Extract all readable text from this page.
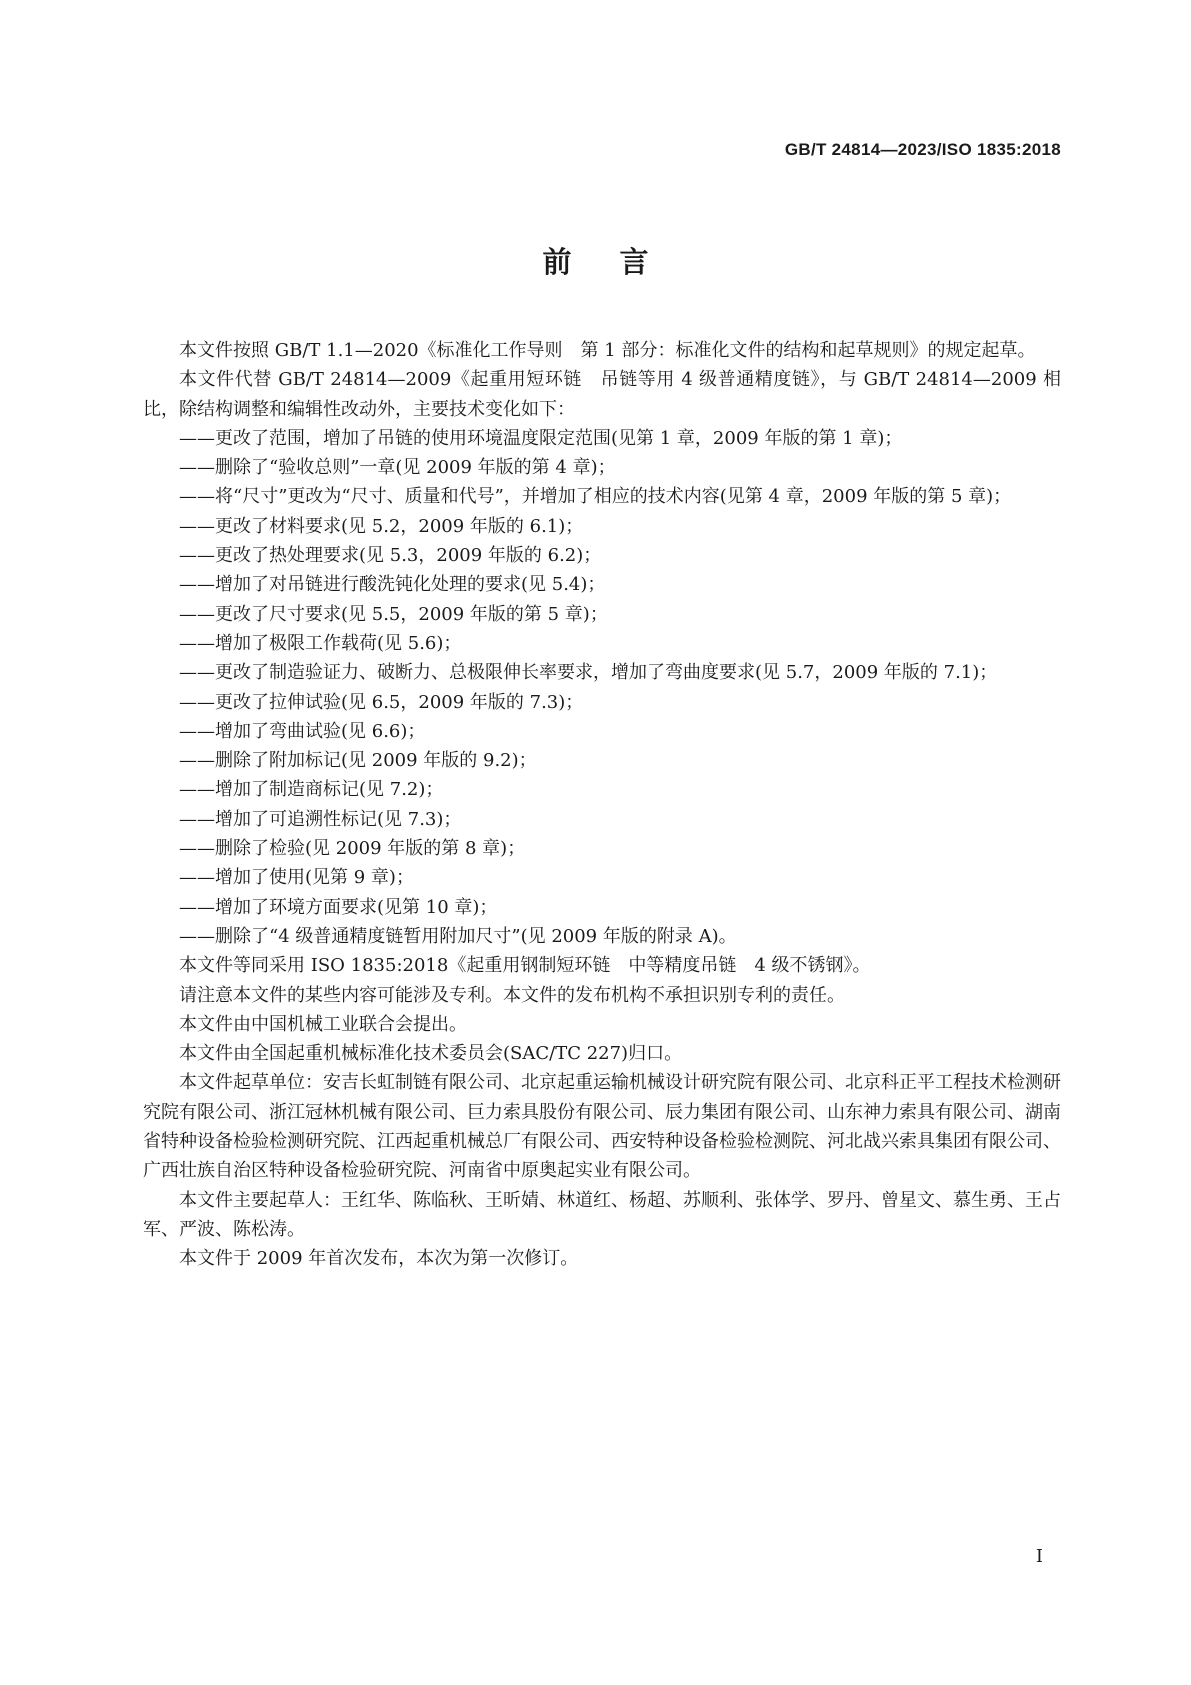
GB/T 24814—2023/ISO 1835:2018
前言

本文件按照 GB/T 1.1—2020《标准化工作导则　第 1 部分：标准化文件的结构和起草规则》的规定起草。

本文件代替 GB/T 24814—2009《起重用短环链　吊链等用 4 级普通精度链》，与 GB/T 24814—2009 相比，除结构调整和编辑性改动外，主要技术变化如下：

——更改了范围，增加了吊链的使用环境温度限定范围(见第 1 章，2009 年版的第 1 章)；

——删除了“验收总则”一章(见 2009 年版的第 4 章)；

——将“尺寸”更改为“尺寸、质量和代号”，并增加了相应的技术内容(见第 4 章，2009 年版的第 5 章)；

——更改了材料要求(见 5.2，2009 年版的 6.1)；

——更改了热处理要求(见 5.3，2009 年版的 6.2)；

——增加了对吊链进行酸洗钝化处理的要求(见 5.4)；

——更改了尺寸要求(见 5.5，2009 年版的第 5 章)；

——增加了极限工作载荷(见 5.6)；

——更改了制造验证力、破断力、总极限伸长率要求，增加了弯曲度要求(见 5.7，2009 年版的 7.1)；

——更改了拉伸试验(见 6.5，2009 年版的 7.3)；

——增加了弯曲试验(见 6.6)；

——删除了附加标记(见 2009 年版的 9.2)；

——增加了制造商标记(见 7.2)；

——增加了可追溯性标记(见 7.3)；

——删除了检验(见 2009 年版的第 8 章)；

——增加了使用(见第 9 章)；

——增加了环境方面要求(见第 10 章)；

——删除了“4 级普通精度链暂用附加尺寸”(见 2009 年版的附录 A)。

本文件等同采用 ISO 1835:2018《起重用钢制短环链　中等精度吊链　4 级不锈钢》。

请注意本文件的某些内容可能涉及专利。本文件的发布机构不承担识别专利的责任。

本文件由中国机械工业联合会提出。

本文件由全国起重机械标准化技术委员会(SAC/TC 227)归口。

本文件起草单位：安吉长虹制链有限公司、北京起重运输机械设计研究院有限公司、北京科正平工程技术检测研究院有限公司、浙江冠林机械有限公司、巨力索具股份有限公司、辰力集团有限公司、山东神力索具有限公司、湖南省特种设备检验检测研究院、江西起重机械总厂有限公司、西安特种设备检验检测院、河北战兴索具集团有限公司、广西壮族自治区特种设备检验研究院、河南省中原奥起实业有限公司。

本文件主要起草人：王红华、陈临秋、王昕婧、林道红、杨超、苏顺利、张体学、罗丹、曾星文、慕生勇、王占军、严波、陈松涛。

本文件于 2009 年首次发布，本次为第一次修订。

I
